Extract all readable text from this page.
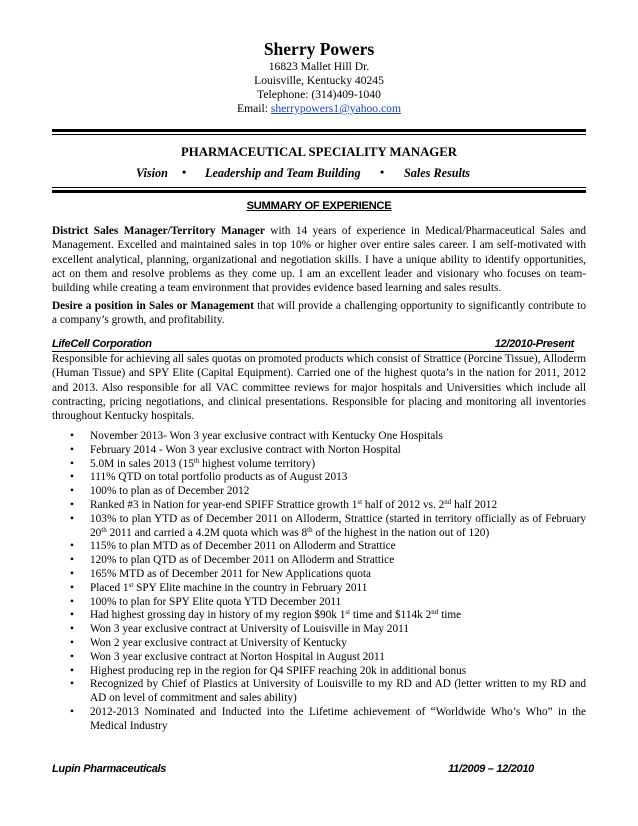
Sherry Powers
16823 Mallet Hill Dr.
Louisville, Kentucky 40245
Telephone: (314)409-1040
Email: sherrypowers1@yahoo.com
PHARMACEUTICAL SPECIALITY MANAGER
Vision • Leadership and Team Building • Sales Results
SUMMARY OF EXPERIENCE
District Sales Manager/Territory Manager with 14 years of experience in Medical/Pharmaceutical Sales and Management. Excelled and maintained sales in top 10% or higher over entire sales career. I am self-motivated with excellent analytical, planning, organizational and negotiation skills. I have a unique ability to identify opportunities, act on them and resolve problems as they come up. I am an excellent leader and visionary who focuses on team-building while creating a team environment that provides evidence based learning and sales results.
Desire a position in Sales or Management that will provide a challenging opportunity to significantly contribute to a company’s growth, and profitability.
LifeCell Corporation	12/2010-Present
Responsible for achieving all sales quotas on promoted products which consist of Strattice (Porcine Tissue), Alloderm (Human Tissue) and SPY Elite (Capital Equipment). Carried one of the highest quota’s in the nation for 2011, 2012 and 2013. Also responsible for all VAC committee reviews for major hospitals and Universities which include all contracting, pricing negotiations, and clinical presentations. Responsible for placing and monitoring all inventories throughout Kentucky hospitals.
• November 2013- Won 3 year exclusive contract with Kentucky One Hospitals
• February 2014 - Won 3 year exclusive contract with Norton Hospital
• 5.0M in sales 2013 (15th highest volume territory)
• 111% QTD on total portfolio products as of August 2013
• 100% to plan as of December 2012
• Ranked #3 in Nation for year-end SPIFF Strattice growth 1st half of 2012 vs. 2nd half 2012
• 103% to plan YTD as of December 2011 on Alloderm, Strattice (started in territory officially as of February 20th 2011 and carried a 4.2M quota which was 8th of the highest in the nation out of 120)
• 115% to plan MTD as of December 2011 on Alloderm and Strattice
• 120% to plan QTD as of December 2011 on Alloderm and Strattice
• 165% MTD as of December 2011 for New Applications quota
• Placed 1st SPY Elite machine in the country in February 2011
• 100% to plan for SPY Elite quota YTD December 2011
• Had highest grossing day in history of my region $90k 1st time and $114k 2nd time
• Won 3 year exclusive contract at University of Louisville in May 2011
• Won 2 year exclusive contract at University of Kentucky
• Won 3 year exclusive contract at Norton Hospital in August 2011
• Highest producing rep in the region for Q4 SPIFF reaching 20k in additional bonus
• Recognized by Chief of Plastics at University of Louisville to my RD and AD (letter written to my RD and AD on level of commitment and sales ability)
• 2012-2013 Nominated and Inducted into the Lifetime achievement of “Worldwide Who’s Who” in the Medical Industry
Lupin Pharmaceuticals	11/2009 – 12/2010
